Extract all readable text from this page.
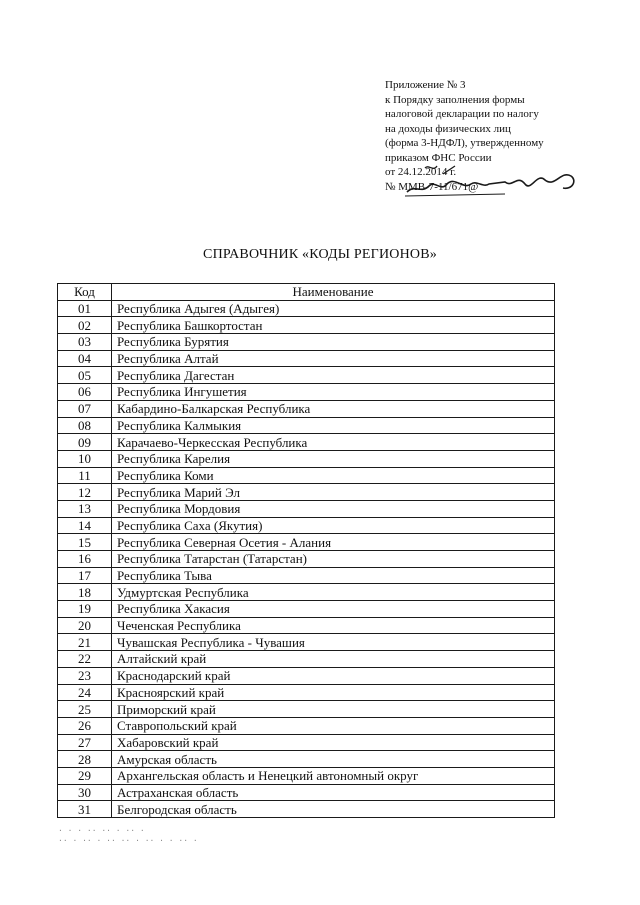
Приложение № 3
к Порядку заполнения формы
налоговой декларации по налогу
на доходы физических лиц
(форма 3-НДФЛ), утвержденному
приказом ФНС России
от 24.12.2014 г.
№ ММВ-7-11/671@
СПРАВОЧНИК «КОДЫ РЕГИОНОВ»
Код	Наименование
01	Республика Адыгея (Адыгея)
02	Республика Башкортостан
03	Республика Бурятия
04	Республика Алтай
05	Республика Дагестан
06	Республика Ингушетия
07	Кабардино-Балкарская Республика
08	Республика Калмыкия
09	Карачаево-Черкесская Республика
10	Республика Карелия
11	Республика Коми
12	Республика Марий Эл
13	Республика Мордовия
14	Республика Саха (Якутия)
15	Республика Северная Осетия - Алания
16	Республика Татарстан (Татарстан)
17	Республика Тыва
18	Удмуртская Республика
19	Республика Хакасия
20	Чеченская Республика
21	Чувашская Республика - Чувашия
22	Алтайский край
23	Краснодарский край
24	Красноярский край
25	Приморский край
26	Ставропольский край
27	Хабаровский край
28	Амурская область
29	Архангельская область и Ненецкий автономный округ
30	Астраханская область
31	Белгородская область
· · · ·· ·· · ·· ·
·· · ·· · ·· ·· · ·· · · ·· ·
